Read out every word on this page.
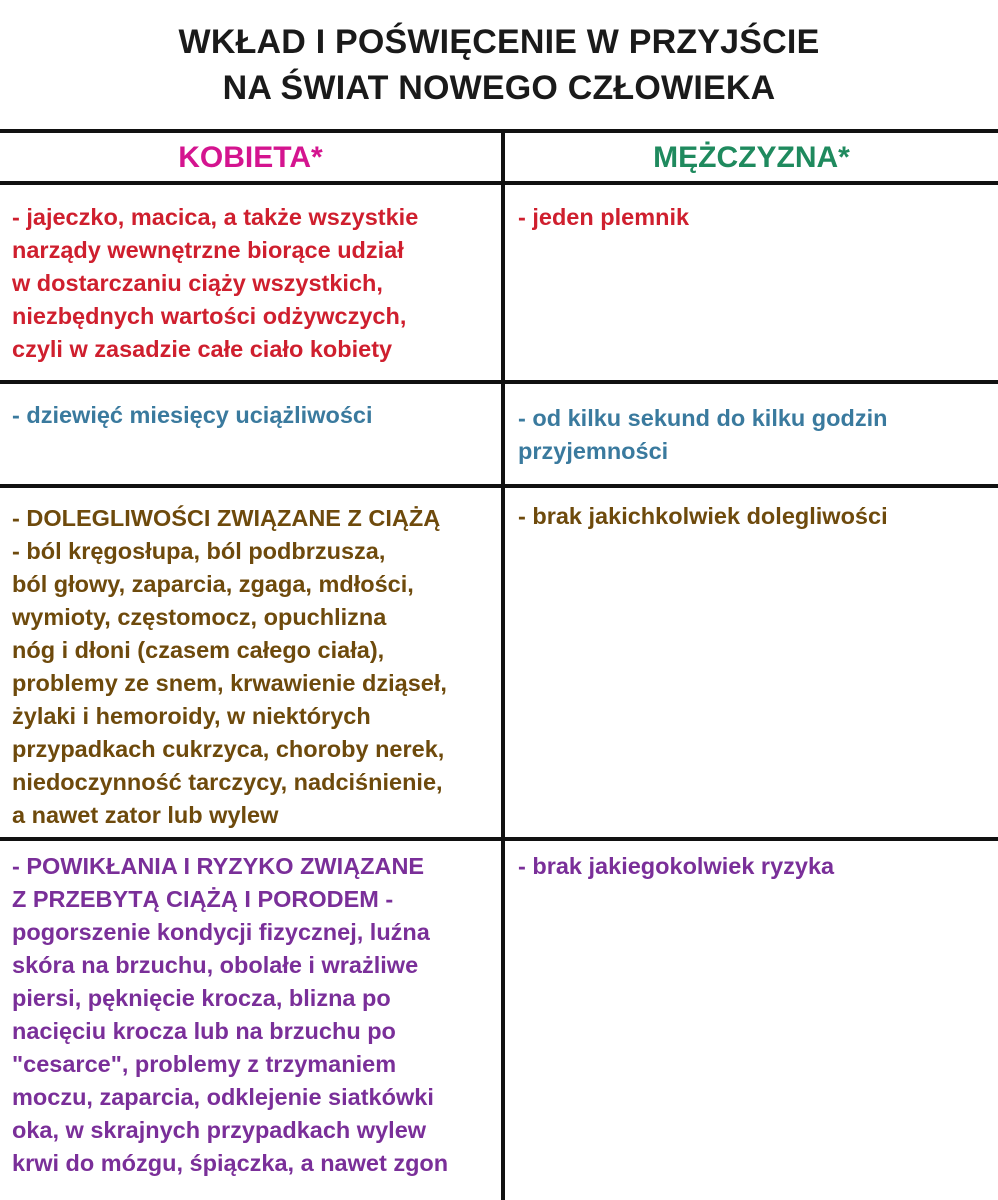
WKŁAD I POŚWIĘCENIE W PRZYJŚCIE
NA ŚWIAT NOWEGO CZŁOWIEKA
KOBIETA*	MĘŻCZYZNA*
- jajeczko, macica, a także wszystkie
narządy wewnętrzne biorące udział
w dostarczaniu ciąży wszystkich,
niezbędnych wartości odżywczych,
czyli w zasadzie całe ciało kobiety
- jeden plemnik
- dziewięć miesięcy uciążliwości	- od kilku sekund do kilku godzin
przyjemności
- DOLEGLIWOŚCI ZWIĄZANE Z CIĄŻĄ
- ból kręgosłupa, ból podbrzusza,
ból głowy, zaparcia, zgaga, mdłości,
wymioty, częstomocz, opuchlizna
nóg i dłoni (czasem całego ciała),
problemy ze snem, krwawienie dziąseł,
żylaki i hemoroidy, w niektórych
przypadkach cukrzyca, choroby nerek,
niedoczynność tarczycy, nadciśnienie,
a nawet zator lub wylew
- brak jakichkolwiek dolegliwości
- POWIKŁANIA I RYZYKO ZWIĄZANE
Z PRZEBYTĄ CIĄŻĄ I PORODEM -
pogorszenie kondycji fizycznej, luźna
skóra na brzuchu, obolałe i wrażliwe
piersi, pęknięcie krocza, blizna po
nacięciu krocza lub na brzuchu po
"cesarce", problemy z trzymaniem
moczu, zaparcia, odklejenie siatkówki
oka, w skrajnych przypadkach wylew
krwi do mózgu, śpiączka, a nawet zgon
- brak jakiegokolwiek ryzyka
